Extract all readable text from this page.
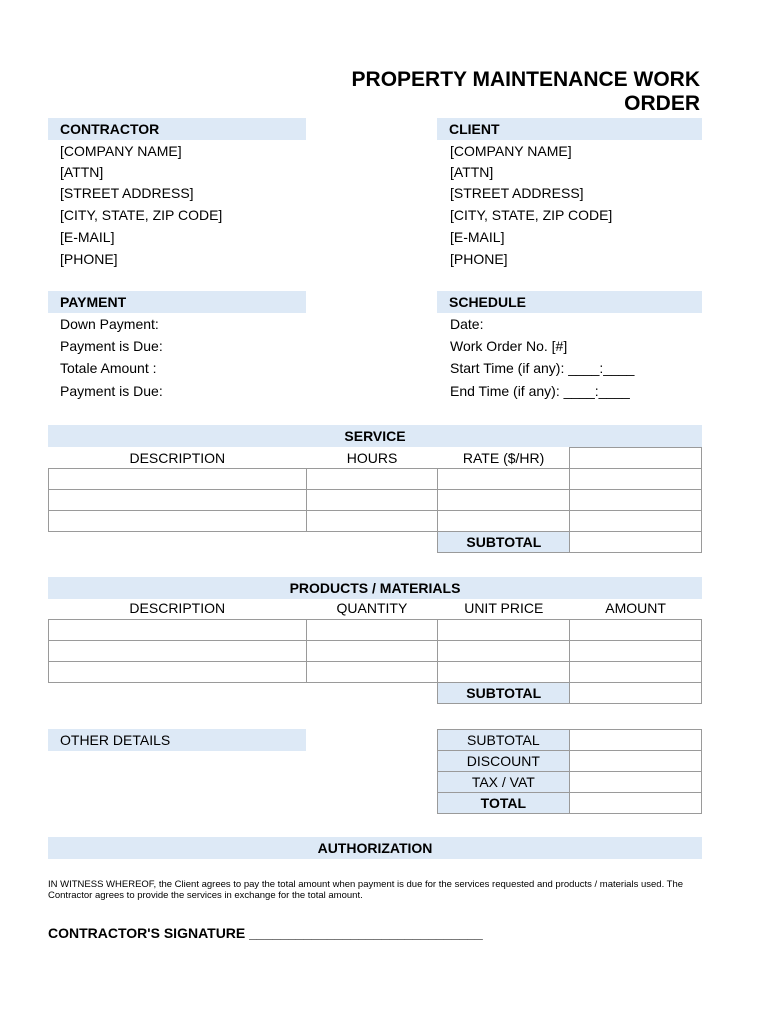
PROPERTY MAINTENANCE WORK ORDER
CONTRACTOR
[COMPANY NAME]
[ATTN]
[STREET ADDRESS]
[CITY, STATE, ZIP CODE]
[E-MAIL]
[PHONE]
CLIENT
[COMPANY NAME]
[ATTN]
[STREET ADDRESS]
[CITY, STATE, ZIP CODE]
[E-MAIL]
[PHONE]
PAYMENT
Down Payment:
Payment is Due:
Totale Amount :
Payment is Due:
SCHEDULE
Date:
Work Order No. [#]
Start Time (if any): ____:____
End Time (if any): ____:____
SERVICE
DESCRIPTION	HOURS	RATE ($/HR)	

		SUBTOTAL	
PRODUCTS / MATERIALS
DESCRIPTION	QUANTITY	UNIT PRICE	AMOUNT

		SUBTOTAL	
OTHER DETAILS	SUBTOTAL	
DISCOUNT	
TAX / VAT	
TOTAL	
AUTHORIZATION
IN WITNESS WHEREOF, the Client agrees to pay the total amount when payment is due for the services requested and products / materials used. The Contractor agrees to provide the services in exchange for the total amount.
CONTRACTOR'S SIGNATURE ______________________________
